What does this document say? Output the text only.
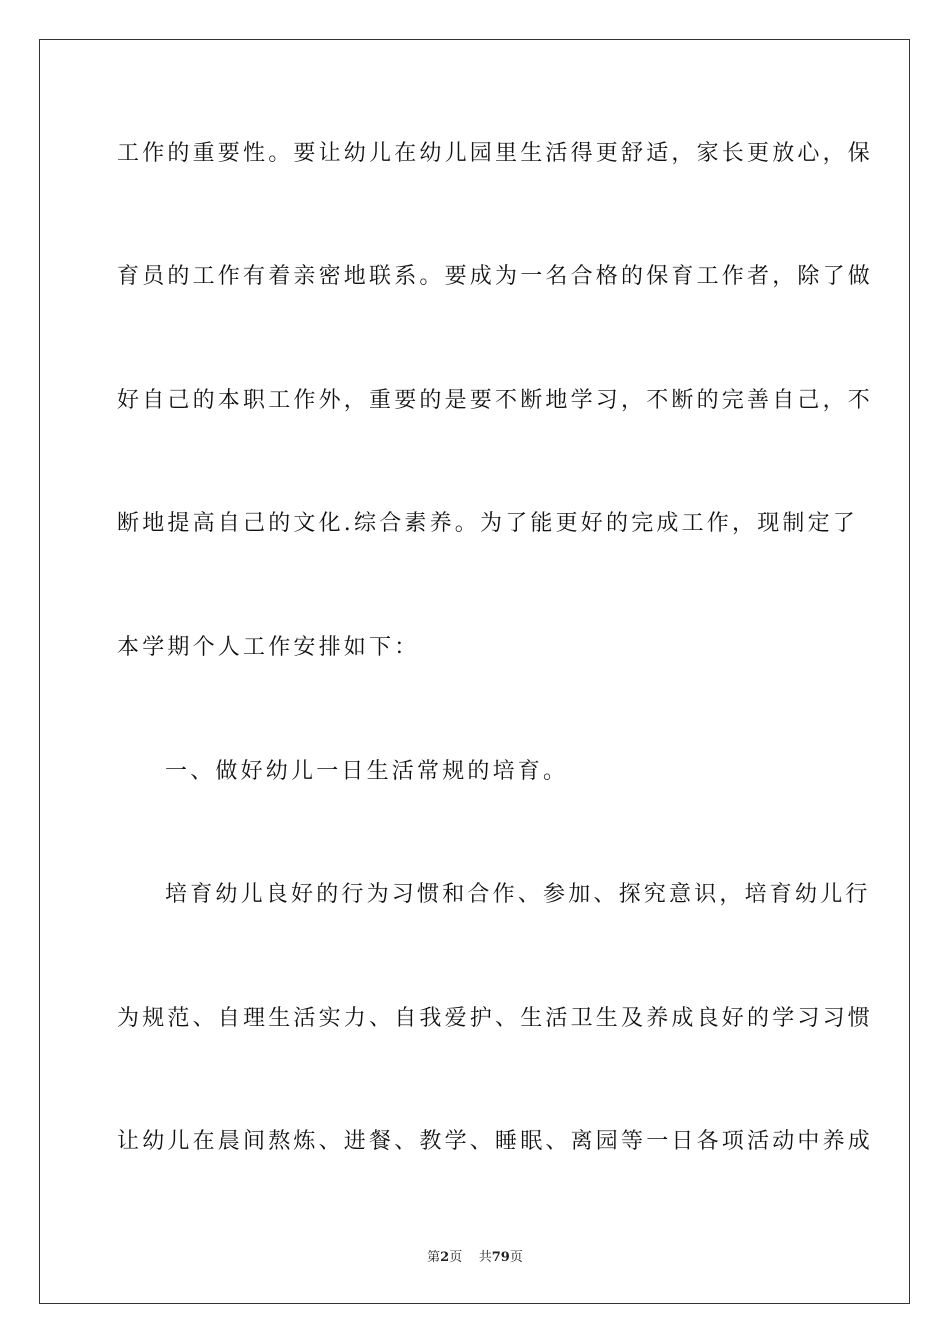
工作的重要性。要让幼儿在幼儿园里生活得更舒适，家长更放心，保
育员的工作有着亲密地联系。要成为一名合格的保育工作者，除了做
好自己的本职工作外，重要的是要不断地学习，不断的完善自己，不
断地提高自己的文化.综合素养。为了能更好的完成工作，现制定了
本学期个人工作安排如下：
一、做好幼儿一日生活常规的培育。
培育幼儿良好的行为习惯和合作、参加、探究意识，培育幼儿行
为规范、自理生活实力、自我爱护、生活卫生及养成良好的学习习惯
让幼儿在晨间熬炼、进餐、教学、睡眠、离园等一日各项活动中养成
第2页 共79页
